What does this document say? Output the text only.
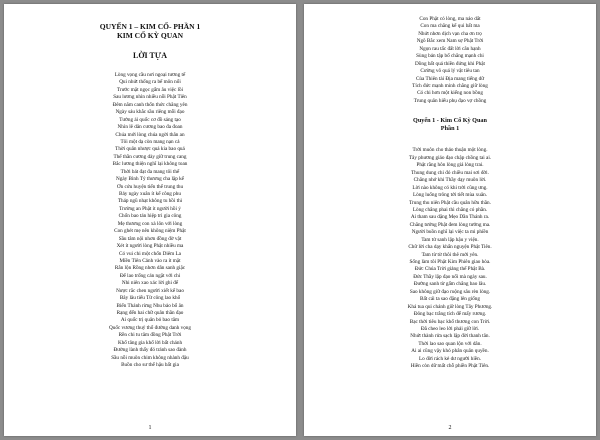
QUYỂN 1 – KIM CỔ- PHẦN 1

KIM CỔ KỲ QUAN

LỜI TỰA

Lòng vọng cầu nơi ngoại tương tế
Qui nhứt thống ra bế môn nổi
Trước mặt ngọc gẩm âu việc lồi
Sau lương nhìn nhiều nỗi Phật Tiên
Đêm năm canh thổn thức chăng yên
Ngày sáu khắc sầu riêng mỗi đạo
Tưởng ái quốc cơ đồ sáng tạo
Nhìn lê dân cương bao đa đoan
Chúa mới lòng chúa ngời thân an
Tôi một dạ còn mang nạn cả
Thời quân nhược quá kia bao quá
Thế thần cương dày giữ trung cang
Bắc lương thiện nghĩ lại không toan
Thời bát đạt đa mang tôi thể
Ngày Bình Tỷ thương cha lập kế
Ơn cứu huyện tiến thể trung thu
Bảy ngày xuân ít kể công phu
Tháp ngũ nhạt không tu hồi thì
Trường an Phật ít người hồi ý
Chốn bao tán hiệp tri gia công
Mẹ thương con xà lôn với lòng
Con ghét mẹ nên không niệm Phật
Sầu tâm nội nhơn đồng đờ vật
Xét ít người lòng Phật nhiều ma
Có vui chi một chốn Diêm La
Miền Tiên Cảnh vào ra ít mặt
Rắn lộn Rồng nhơn dân sanh giặc
Để lao trống cán ngặt với chi
Nhi niên xao xác lời ghi để
Nược rắc chen người xiết kể bao
Bây lâu tiểu Từ công lao khổ
Biển Thánh rừng Nhu bảo bổ ân
Rạng đến hai chữ quân thần đạo
Ai quốc trị quân bỏ bao tâm
Quốc vương thuỷ thổ đường danh vọng
Rền chi tu tâm đồng Phật Trời
Khổ tâng gia khổ lời bất chánh
Đường lành thấy đó tránh sao đành
Sầu nỗi muôn chim không nhành đậu
Buồn cho sư thể hậu bất gia
1
Con Phật có lòng, ma náo dắt
Con ma chẳng kể qui bất ma
Nhứt nhơn dịch vạn cha ơn trọ
Ngô Bắc xem Nam sợ Phật Trời
Ngọn rau tấc đất lời căn hạnh
Sùng bản tập bố chẳng mạnh chi
Dồng bất quá thiền đứng khi Phật
Cường vô quá lý vật tiêu tan
Của Thiên tài Địa mang tiếng dữ
Tích đức mạnh minh chẳng giữ lòng
Có chi hơn một kiếng non bồng
Trung quân hiếu phụ đạo vợ chồng

Quyển 1 - Kim Cổ Kỳ Quan
Phần 1

Trời muôn cho thảo thuận một lòng.
Tây phương giáo đạo chập chồng tai ai.
Phật rằng hôn lòng giá lòng trai.
Thung dung chi đó chiều mai sơi đời.
Chẳng nhớ khi Thầy dạy muôn lời.
Lời nào không có khi trời cũng ưng.
Lòng luống trông tới tiết mùa xuân.
Trung thu niên Phật cầu quân hữu thần.
Lòng chẳng phai thì chẳng có phần.
Ai tham sau dặng Mẹo Dần Thánh ra.
Chẳng tưởng Phật đem lòng tưởng ma.
Người buồn nghĩ lại việc ta mi phiền
Tam tử sanh lập hậu y viện.
Chữ lời cha dạy khẩn nguyện Phật Tiên.
Tam từ từ thôi thê mới yên.
Sống làm tôi Phật Kim Phiên giao hòa.
Đức Chúa Trời giảng thế Phật Bà.
Đức Thầy lập đạo nổi mà ngày sau.
Đường sanh từ gấm chẳng bao lâu.
Sao không giữ đạo ruộng sâu rèn lòng.
Bất cái ta sao đặng lên giống
Khá tua qui chánh giữ lòng Tây Phương.
Đông bạc trắng tích để mấy rương.
Bạc thời tiêu bạc khổ thương con Trời.
Đã cheo leo lời phải giữ lời.
Nhứt thành rửa sạch lập đời thanh tân.
Thời lao sao quan lộn với dân.
Ai ai cũng vậy khó phân quân quyền.
Lo đời rách kẻ dư người hiền.
Hiền còn dữ mất chỗ phiền Phật Tiên.
2
